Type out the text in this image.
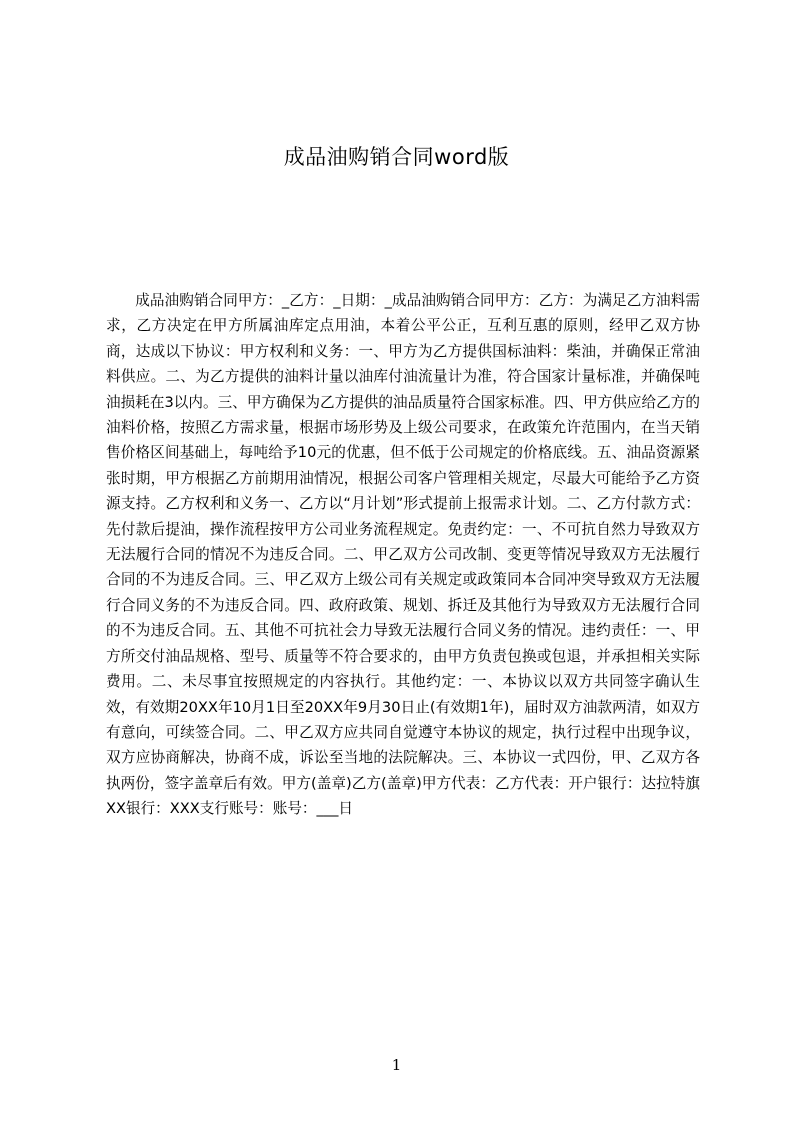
成品油购销合同word版

成品油购销合同甲方：_乙方：_日期：_成品油购销合同甲方：乙方：为满足乙方油料需求，乙方决定在甲方所属油库定点用油，本着公平公正，互利互惠的原则，经甲乙双方协商，达成以下协议：甲方权利和义务：一、甲方为乙方提供国标油料：柴油，并确保正常油料供应。二、为乙方提供的油料计量以油库付油流量计为准，符合国家计量标准，并确保吨油损耗在3以内。三、甲方确保为乙方提供的油品质量符合国家标准。四、甲方供应给乙方的油料价格，按照乙方需求量，根据市场形势及上级公司要求，在政策允许范围内，在当天销售价格区间基础上，每吨给予10元的优惠，但不低于公司规定的价格底线。五、油品资源紧张时期，甲方根据乙方前期用油情况，根据公司客户管理相关规定，尽最大可能给予乙方资源支持。乙方权利和义务一、乙方以“月计划”形式提前上报需求计划。二、乙方付款方式：先付款后提油，操作流程按甲方公司业务流程规定。免责约定：一、不可抗自然力导致双方无法履行合同的情况不为违反合同。二、甲乙双方公司改制、变更等情况导致双方无法履行合同的不为违反合同。三、甲乙双方上级公司有关规定或政策同本合同冲突导致双方无法履行合同义务的不为违反合同。四、政府政策、规划、拆迁及其他行为导致双方无法履行合同的不为违反合同。五、其他不可抗社会力导致无法履行合同义务的情况。违约责任：一、甲方所交付油品规格、型号、质量等不符合要求的，由甲方负责包换或包退，并承担相关实际费用。二、未尽事宜按照规定的内容执行。其他约定：一、本协议以双方共同签字确认生效，有效期20XX年10月1日至20XX年9月30日止(有效期1年)，届时双方油款两清，如双方有意向，可续签合同。二、甲乙双方应共同自觉遵守本协议的规定，执行过程中出现争议，双方应协商解决，协商不成，诉讼至当地的法院解决。三、本协议一式四份，甲、乙双方各执两份，签字盖章后有效。甲方(盖章)乙方(盖章)甲方代表：乙方代表：开户银行：达拉特旗XX银行：XXX支行账号：账号：___日

1
